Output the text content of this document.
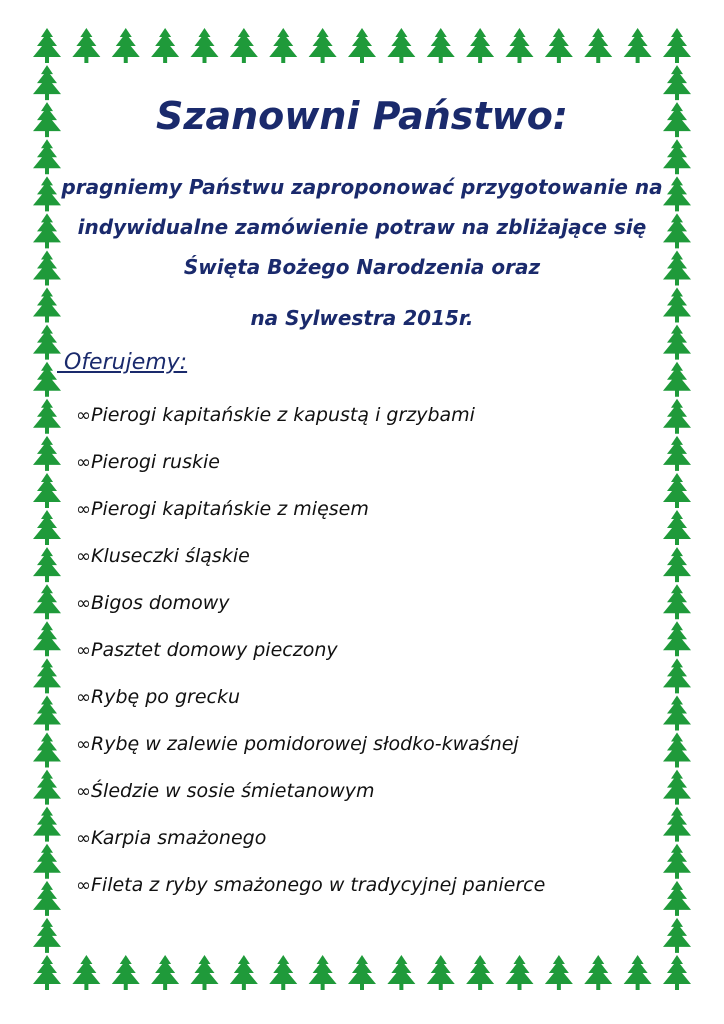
Szanowni Państwo:

pragniemy Państwu zaproponować przygotowanie na

indywidualne zamówienie potraw na zbliżające się

Święta Bożego Narodzenia oraz

na Sylwestra 2015r.

Oferujemy:

∞Pierogi kapitańskie z kapustą i grzybami
∞Pierogi ruskie
∞Pierogi kapitańskie z mięsem
∞Kluseczki śląskie
∞Bigos domowy
∞Pasztet domowy pieczony
∞Rybę po grecku
∞Rybę w zalewie pomidorowej słodko-kwaśnej
∞Śledzie w sosie śmietanowym
∞Karpia smażonego
∞Fileta z ryby smażonego w tradycyjnej panierce
